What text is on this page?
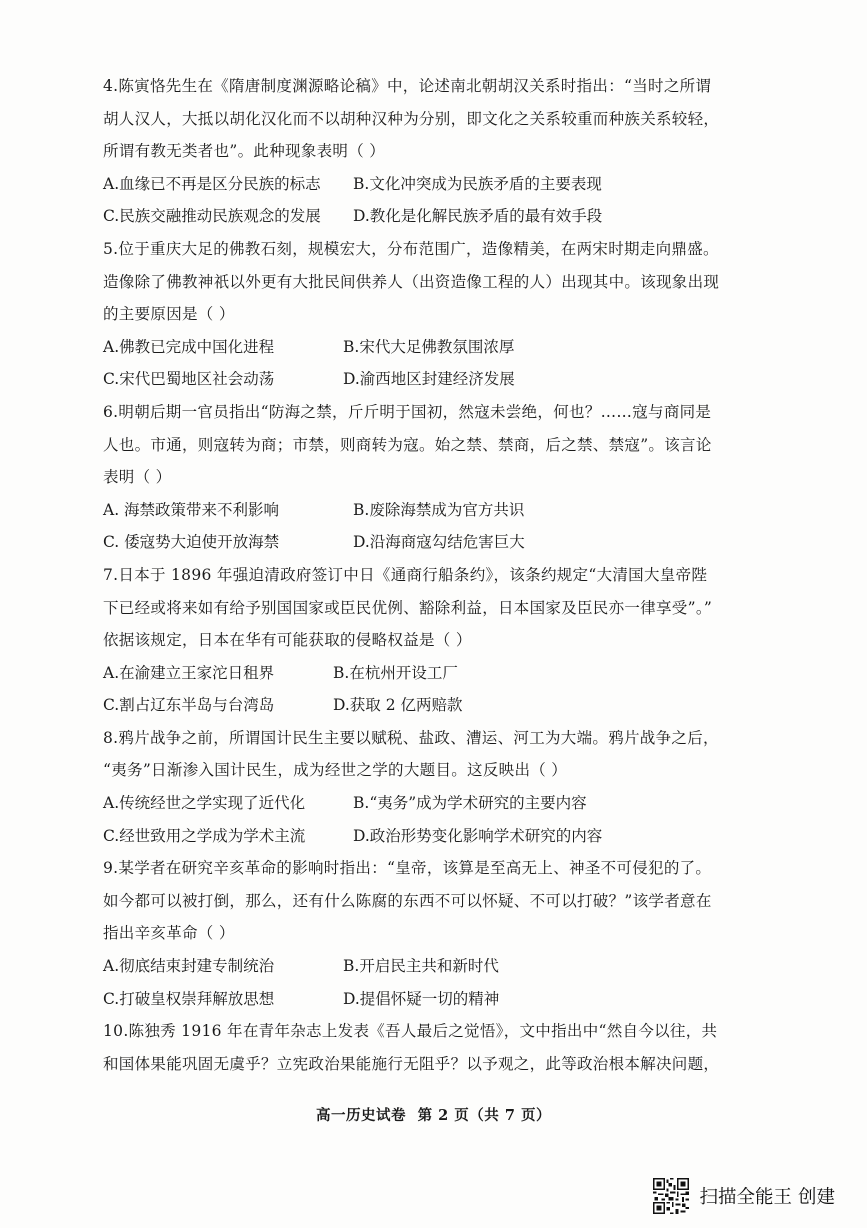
4.陈寅恪先生在《隋唐制度渊源略论稿》中，论述南北朝胡汉关系时指出：“当时之所谓
胡人汉人，大抵以胡化汉化而不以胡种汉种为分别，即文化之关系较重而种族关系较轻，
所谓有教无类者也”。此种现象表明（ ）
A.血缘已不再是区分民族的标志	B.文化冲突成为民族矛盾的主要表现
C.民族交融推动民族观念的发展	D.教化是化解民族矛盾的最有效手段
5.位于重庆大足的佛教石刻，规模宏大，分布范围广，造像精美，在两宋时期走向鼎盛。
造像除了佛教神祇以外更有大批民间供养人（出资造像工程的人）出现其中。该现象出现
的主要原因是（ ）
A.佛教已完成中国化进程	B.宋代大足佛教氛围浓厚
C.宋代巴蜀地区社会动荡	D.渝西地区封建经济发展
6.明朝后期一官员指出“防海之禁，斤斤明于国初，然寇未尝绝，何也？……寇与商同是
人也。市通，则寇转为商；市禁，则商转为寇。始之禁、禁商，后之禁、禁寇”。该言论
表明（ ）
A. 海禁政策带来不利影响	B.废除海禁成为官方共识
C. 倭寇势大迫使开放海禁	D.沿海商寇勾结危害巨大
7.日本于 1896 年强迫清政府签订中日《通商行船条约》，该条约规定“大清国大皇帝陛
下已经或将来如有给予别国国家或臣民优例、豁除利益，日本国家及臣民亦一律享受”。”
依据该规定，日本在华有可能获取的侵略权益是（ ）
A.在渝建立王家沱日租界	B.在杭州开设工厂
C.割占辽东半岛与台湾岛	D.获取 2 亿两赔款
8.鸦片战争之前，所谓国计民生主要以赋税、盐政、漕运、河工为大端。鸦片战争之后，
“夷务”日渐渗入国计民生，成为经世之学的大题目。这反映出（ ）
A.传统经世之学实现了近代化	B.“夷务”成为学术研究的主要内容
C.经世致用之学成为学术主流	D.政治形势变化影响学术研究的内容
9.某学者在研究辛亥革命的影响时指出：“皇帝，该算是至高无上、神圣不可侵犯的了。
如今都可以被打倒，那么，还有什么陈腐的东西不可以怀疑、不可以打破？”该学者意在
指出辛亥革命（ ）
A.彻底结束封建专制统治	B.开启民主共和新时代
C.打破皇权崇拜解放思想	D.提倡怀疑一切的精神
10.陈独秀 1916 年在青年杂志上发表《吾人最后之觉悟》，文中指出中“然自今以往，共
和国体果能巩固无虞乎？立宪政治果能施行无阻乎？以予观之，此等政治根本解决问题，
高一历史试卷 第 2 页（共 7 页）
扫描全能王 创建
